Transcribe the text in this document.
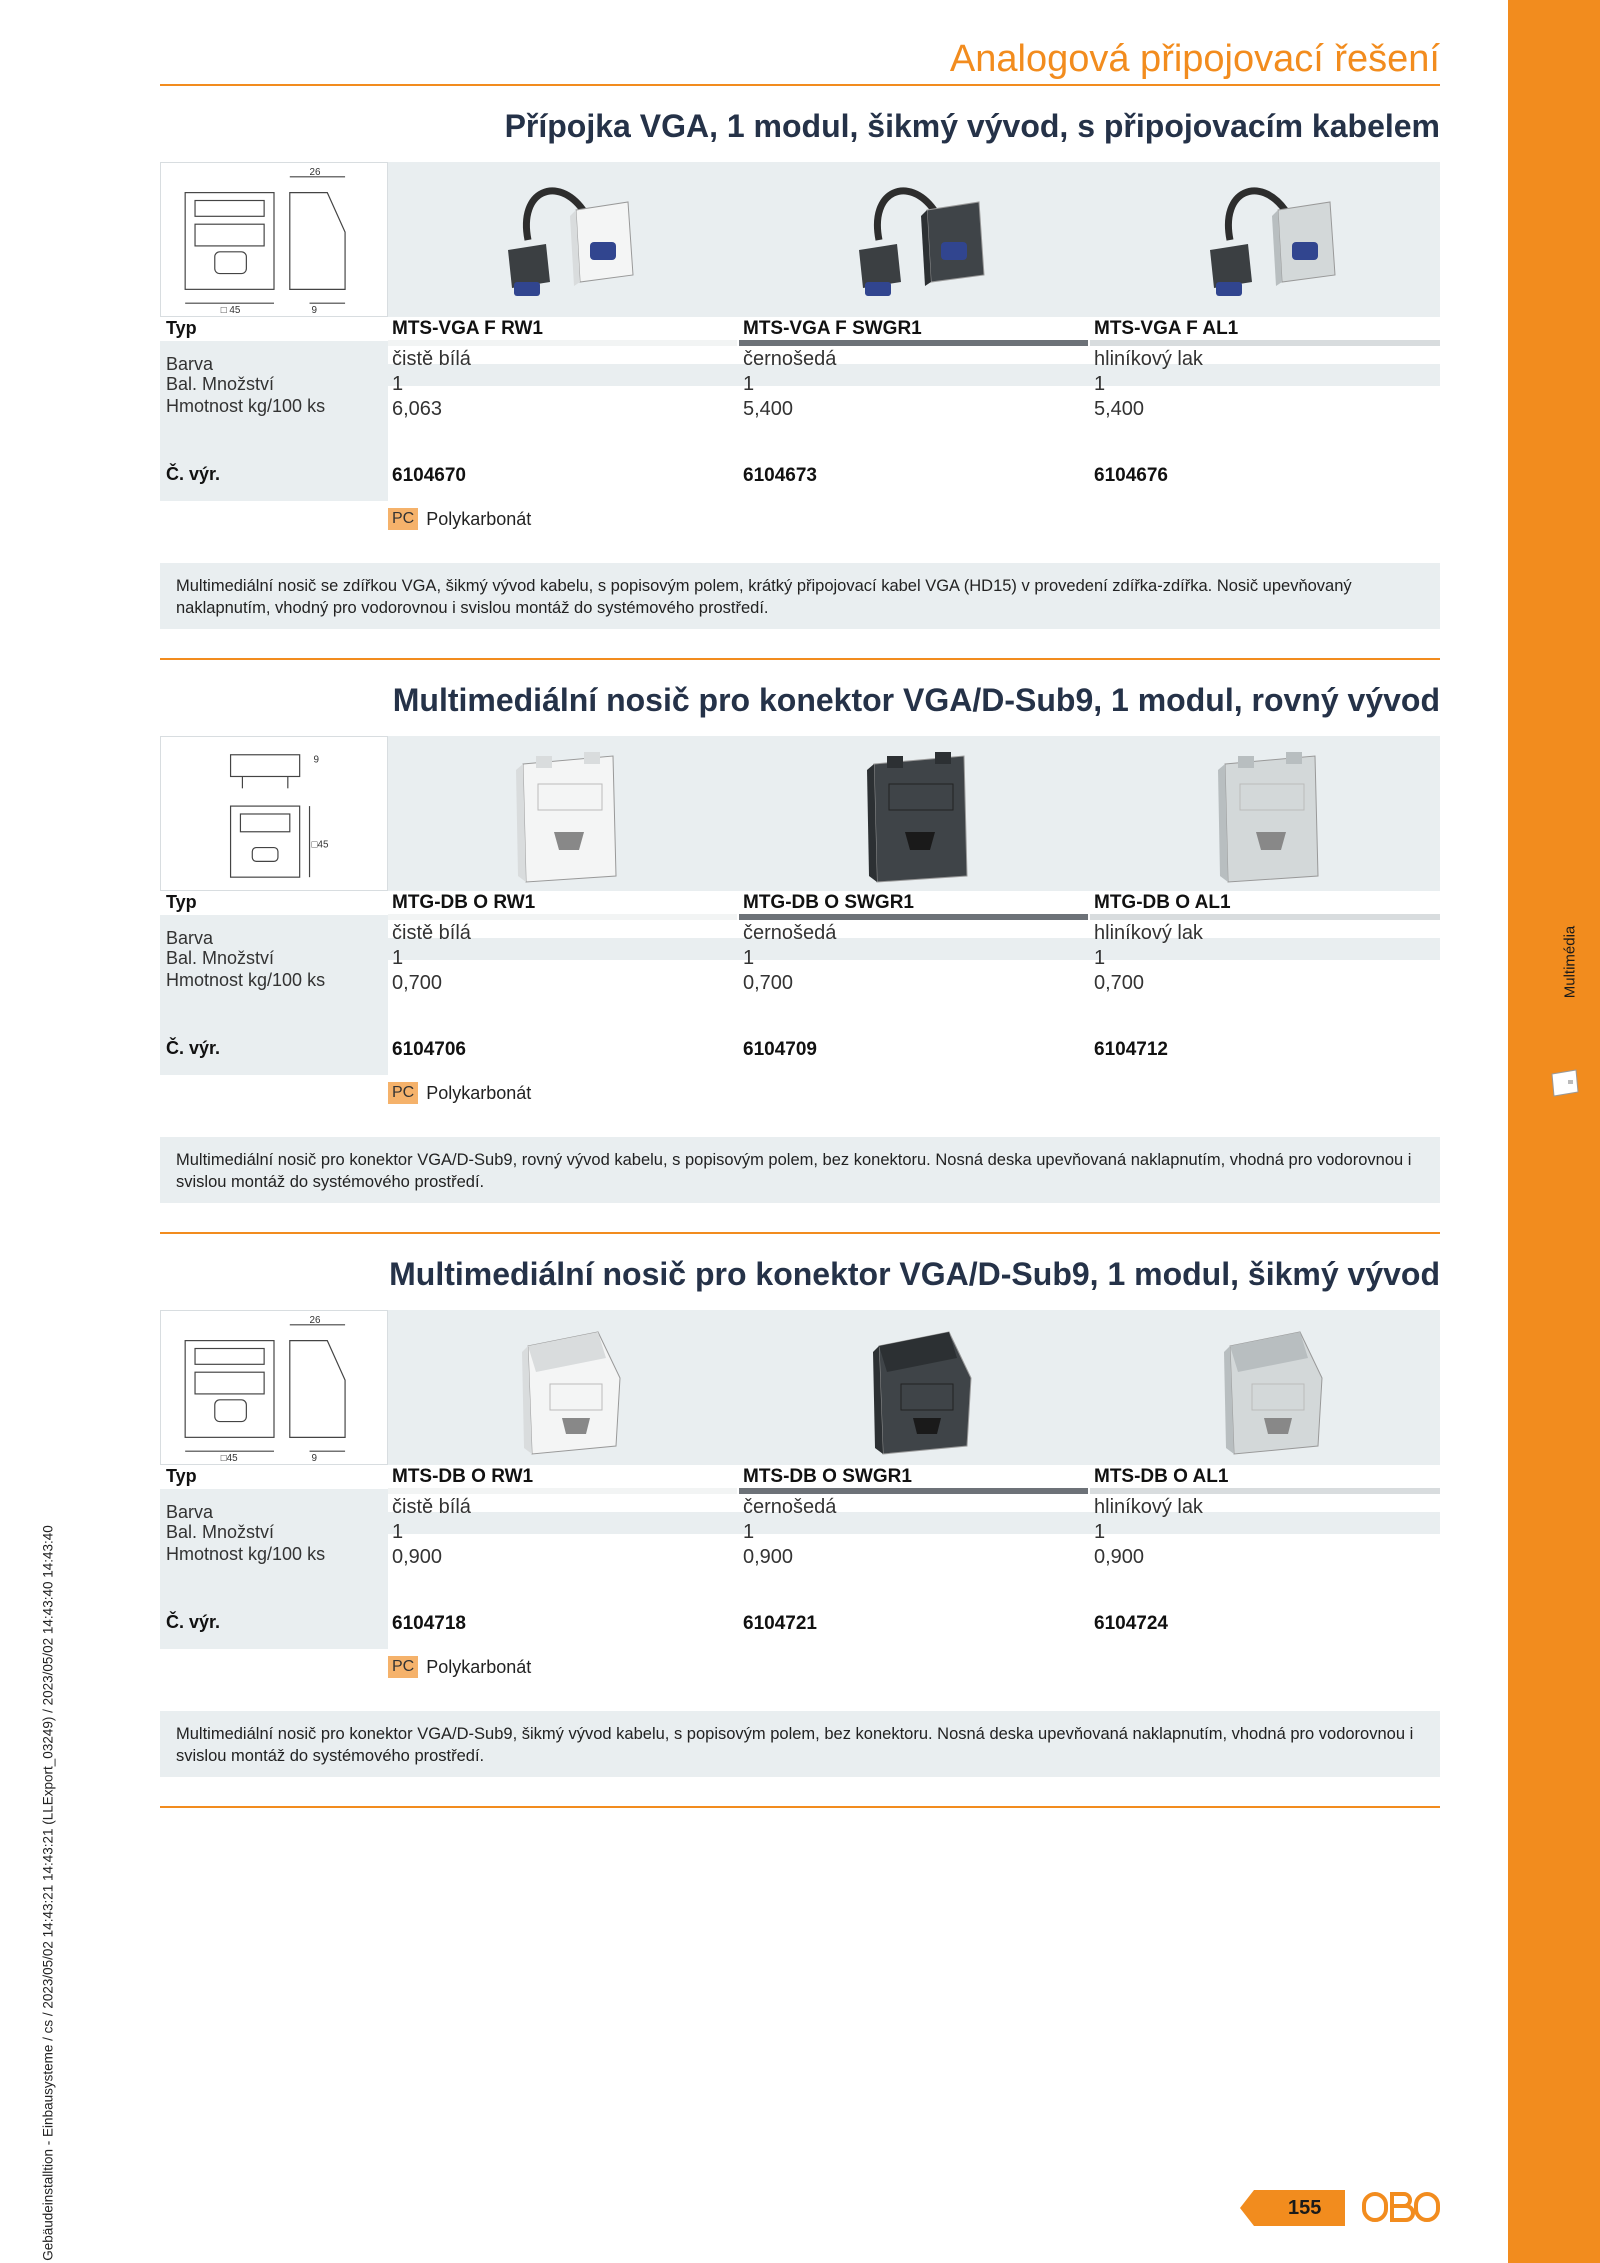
Multimédia
Gebäudeinstalltion - Einbausysteme / cs / 2023/05/02 14:43:21 14:43:21 (LLExport_03249) / 2023/05/02 14:43:40 14:43:40
Analogová připojovací řešení
Přípojka VGA, 1 modul, šikmý vývod, s připojovacím kabelem
26
□ 45	9
Typ	MTS-VGA F RW1	MTS-VGA F SWGR1	MTS-VGA F AL1
Barva	čistě bílá	černošedá	hliníkový lak
Bal. Množství	1	1	1
Hmotnost kg/100 ks	6,063	5,400	5,400
Č. výr.	6104670	6104673	6104676
PC Polykarbonát
Multimediální nosič se zdířkou VGA, šikmý vývod kabelu, s popisovým polem, krátký připojovací kabel VGA (HD15) v provedení zdířka-zdířka. Nosič upevňovaný naklapnutím, vhodný pro vodorovnou i svislou montáž do systémového prostředí.
Multimediální nosič pro konektor VGA/D-Sub9, 1 modul, rovný vývod
9
□45
Typ	MTG-DB O RW1	MTG-DB O SWGR1	MTG-DB O AL1
Barva	čistě bílá	černošedá	hliníkový lak
Bal. Množství	1	1	1
Hmotnost kg/100 ks	0,700	0,700	0,700
Č. výr.	6104706	6104709	6104712
PC Polykarbonát
Multimediální nosič pro konektor VGA/D-Sub9, rovný vývod kabelu, s popisovým polem, bez konektoru. Nosná deska upevňovaná naklapnutím, vhodná pro vodorovnou i svislou montáž do systémového prostředí.
Multimediální nosič pro konektor VGA/D-Sub9, 1 modul, šikmý vývod
26
□45	9
Typ	MTS-DB O RW1	MTS-DB O SWGR1	MTS-DB O AL1
Barva	čistě bílá	černošedá	hliníkový lak
Bal. Množství	1	1	1
Hmotnost kg/100 ks	0,900	0,900	0,900
Č. výr.	6104718	6104721	6104724
PC Polykarbonát
Multimediální nosič pro konektor VGA/D-Sub9, šikmý vývod kabelu, s popisovým polem, bez konektoru. Nosná deska upevňovaná naklapnutím, vhodná pro vodorovnou i svislou montáž do systémového prostředí.
155
